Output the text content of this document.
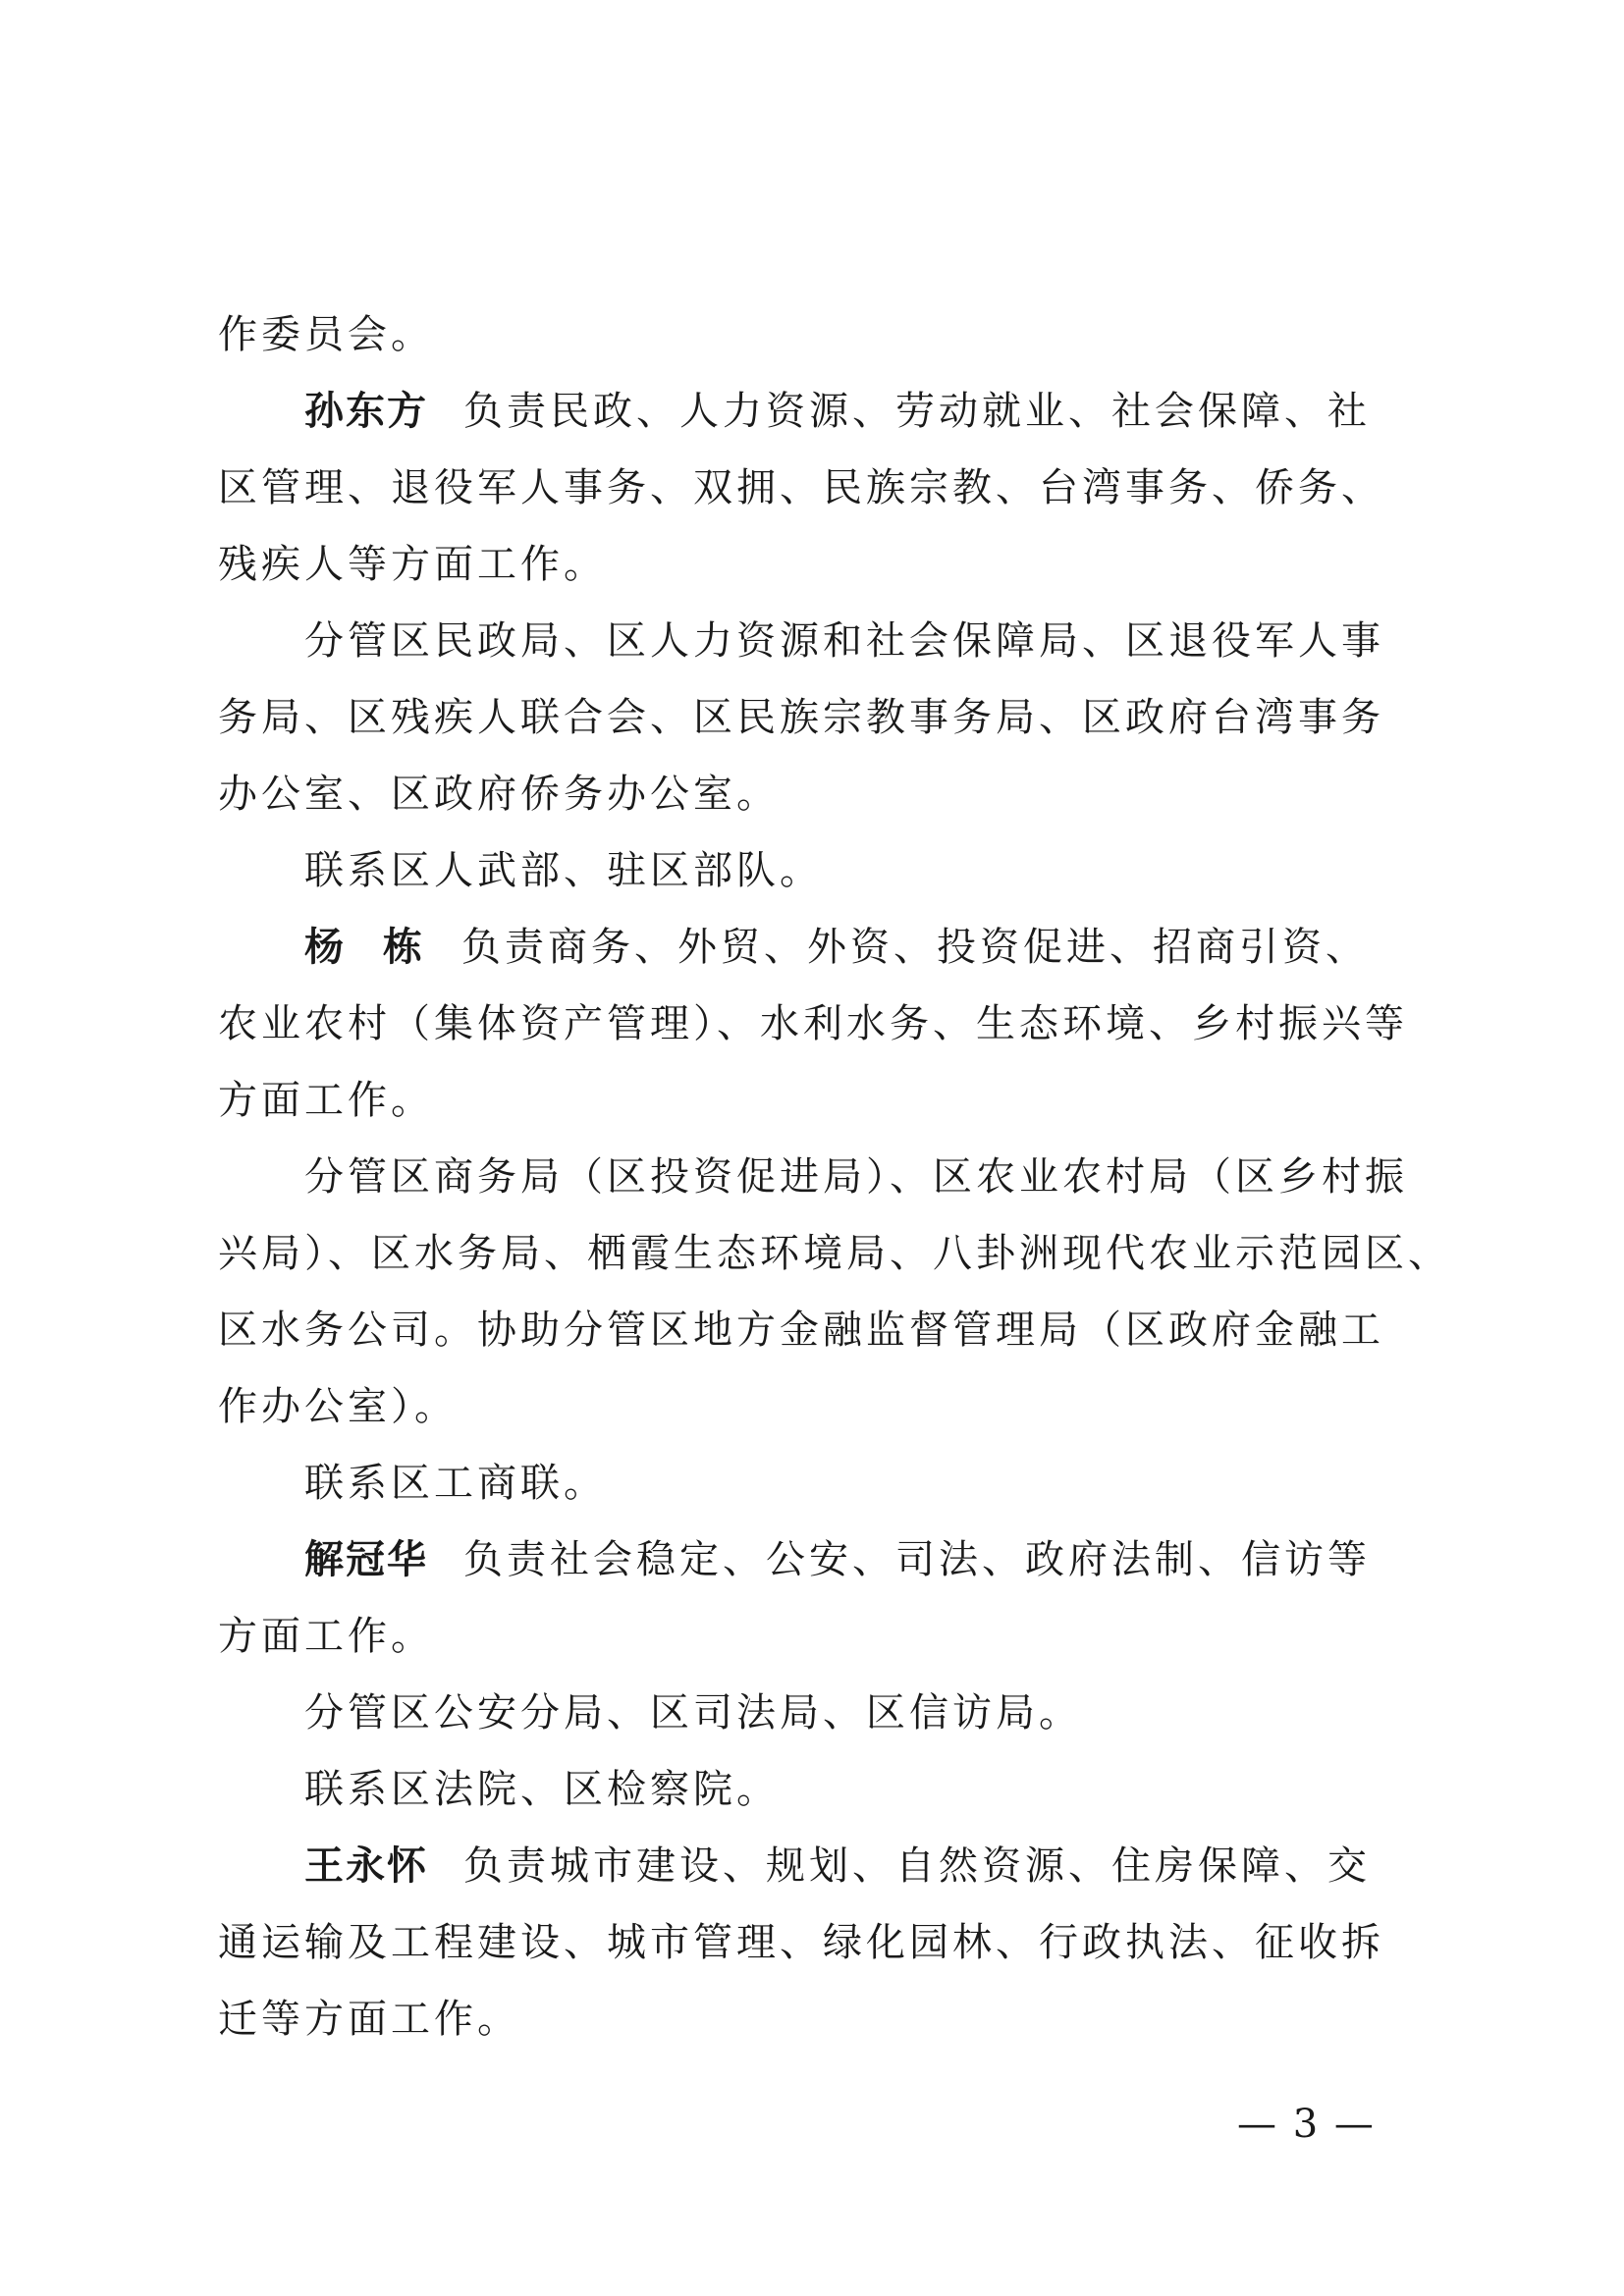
作委员会。
孙东方 负责民政、人力资源、劳动就业、社会保障、社
区管理、退役军人事务、双拥、民族宗教、台湾事务、侨务、
残疾人等方面工作。
分管区民政局、区人力资源和社会保障局、区退役军人事
务局、区残疾人联合会、区民族宗教事务局、区政府台湾事务
办公室、区政府侨务办公室。
联系区人武部、驻区部队。
杨栋负责商务、外贸、外资、投资促进、招商引资、
农业农村（集体资产管理）、水利水务、生态环境、乡村振兴等
方面工作。
分管区商务局（区投资促进局）、区农业农村局（区乡村振
兴局）、区水务局、栖霞生态环境局、八卦洲现代农业示范园区、
区水务公司。协助分管区地方金融监督管理局（区政府金融工
作办公室）。
联系区工商联。
解冠华 负责社会稳定、公安、司法、政府法制、信访等
方面工作。
分管区公安分局、区司法局、区信访局。
联系区法院、区检察院。
王永怀 负责城市建设、规划、自然资源、住房保障、交
通运输及工程建设、城市管理、绿化园林、行政执法、征收拆
迁等方面工作。
— 3 —
